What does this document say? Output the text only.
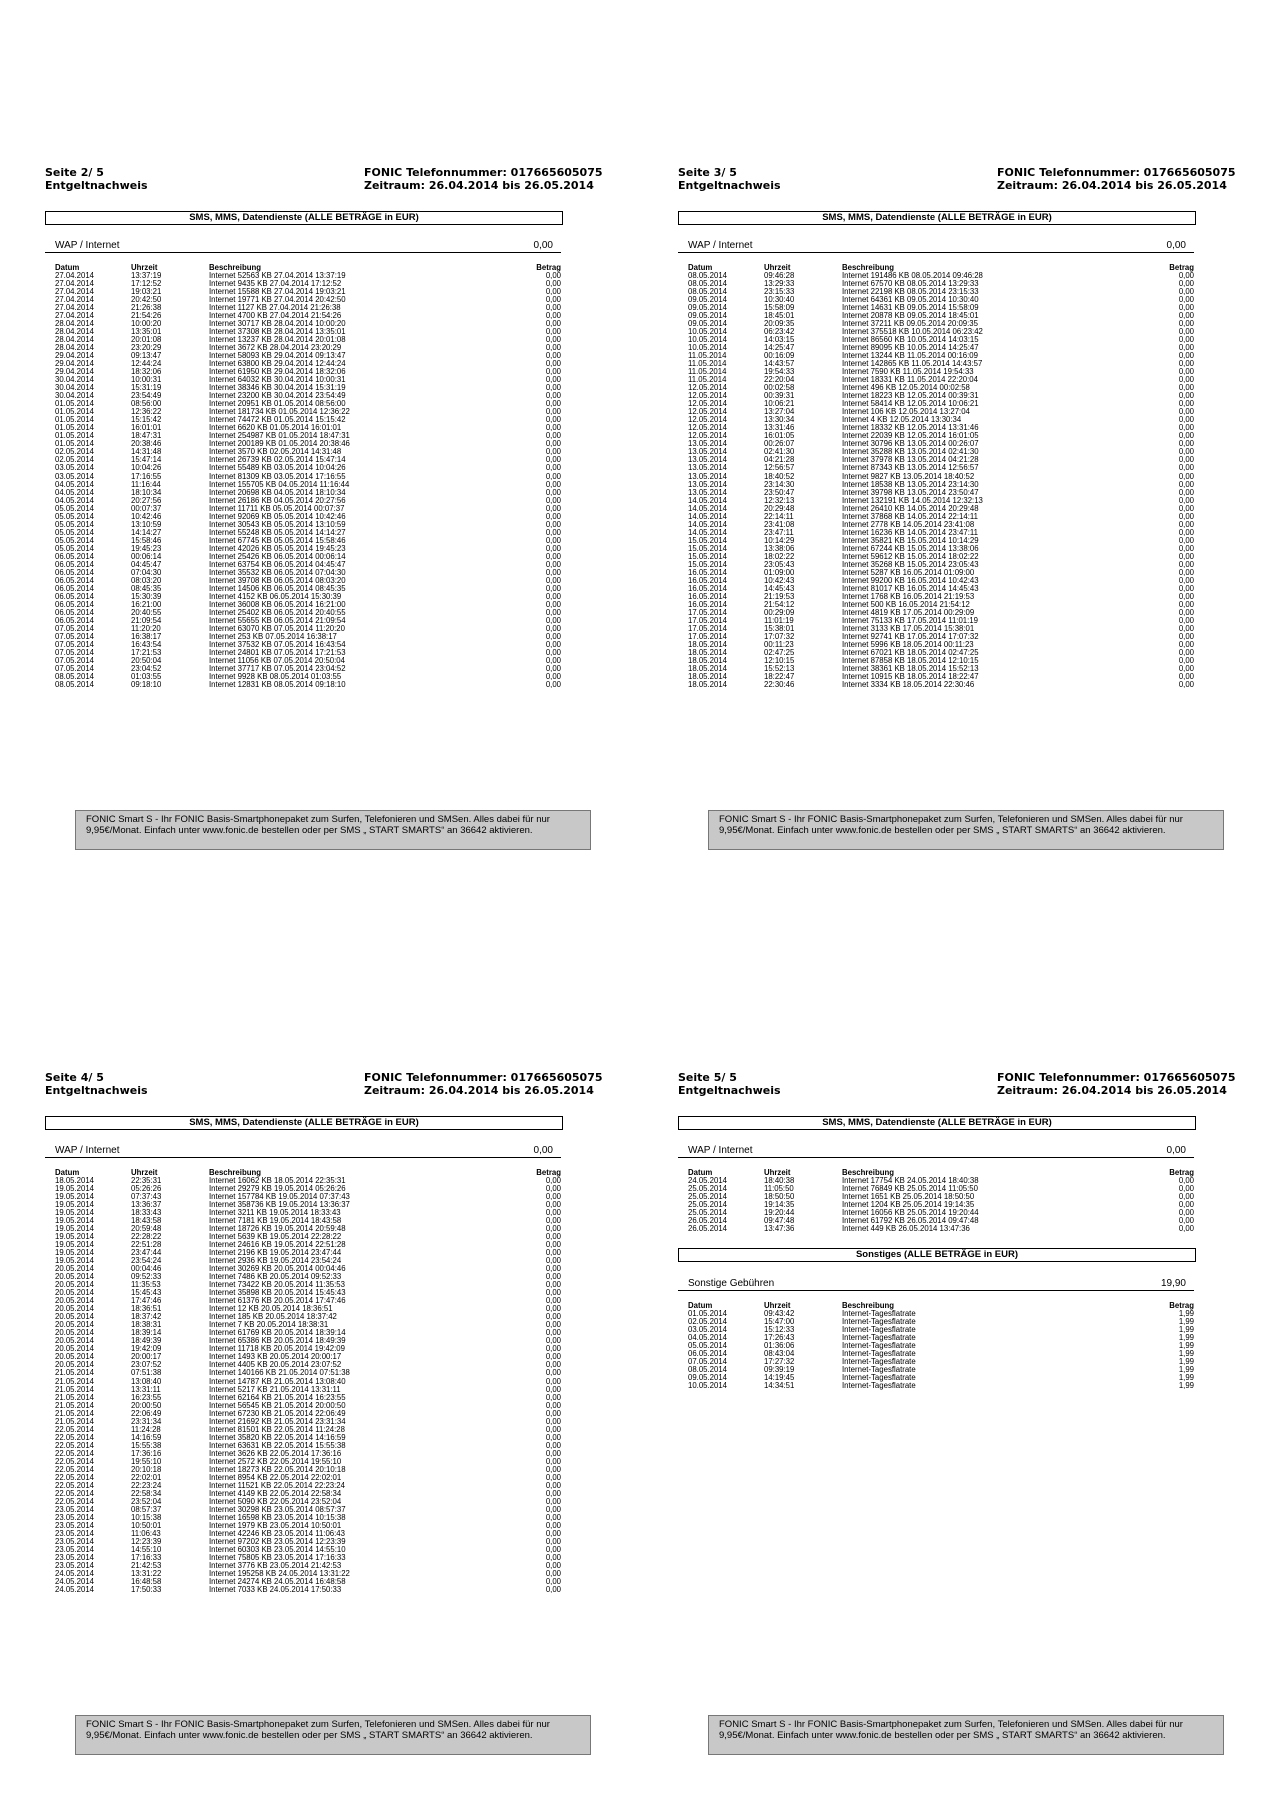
Seite 2/ 5
Entgeltnachweis
FONIC Telefonnummer: 017665605075
Zeitraum: 26.04.2014 bis 26.05.2014
SMS, MMS, Datendienste (ALLE BETRÄGE in EUR)
WAP / Internet	0,00
Datum	Uhrzeit	Beschreibung	Betrag
27.04.2014	13:37:19	Internet 52563 KB 27.04.2014 13:37:19	0,00
27.04.2014	17:12:52	Internet 9435 KB 27.04.2014 17:12:52	0,00
27.04.2014	19:03:21	Internet 15588 KB 27.04.2014 19:03:21	0,00
27.04.2014	20:42:50	Internet 19771 KB 27.04.2014 20:42:50	0,00
27.04.2014	21:26:38	Internet 1127 KB 27.04.2014 21:26:38	0,00
27.04.2014	21:54:26	Internet 4700 KB 27.04.2014 21:54:26	0,00
28.04.2014	10:00:20	Internet 30717 KB 28.04.2014 10:00:20	0,00
28.04.2014	13:35:01	Internet 37308 KB 28.04.2014 13:35:01	0,00
28.04.2014	20:01:08	Internet 13237 KB 28.04.2014 20:01:08	0,00
28.04.2014	23:20:29	Internet 3672 KB 28.04.2014 23:20:29	0,00
29.04.2014	09:13:47	Internet 58093 KB 29.04.2014 09:13:47	0,00
29.04.2014	12:44:24	Internet 63800 KB 29.04.2014 12:44:24	0,00
29.04.2014	18:32:06	Internet 61950 KB 29.04.2014 18:32:06	0,00
30.04.2014	10:00:31	Internet 64032 KB 30.04.2014 10:00:31	0,00
30.04.2014	15:31:19	Internet 38346 KB 30.04.2014 15:31:19	0,00
30.04.2014	23:54:49	Internet 23200 KB 30.04.2014 23:54:49	0,00
01.05.2014	08:56:00	Internet 20951 KB 01.05.2014 08:56:00	0,00
01.05.2014	12:36:22	Internet 181734 KB 01.05.2014 12:36:22	0,00
01.05.2014	15:15:42	Internet 74472 KB 01.05.2014 15:15:42	0,00
01.05.2014	16:01:01	Internet 6620 KB 01.05.2014 16:01:01	0,00
01.05.2014	18:47:31	Internet 254987 KB 01.05.2014 18:47:31	0,00
01.05.2014	20:38:46	Internet 200189 KB 01.05.2014 20:38:46	0,00
02.05.2014	14:31:48	Internet 3570 KB 02.05.2014 14:31:48	0,00
02.05.2014	15:47:14	Internet 26739 KB 02.05.2014 15:47:14	0,00
03.05.2014	10:04:26	Internet 55489 KB 03.05.2014 10:04:26	0,00
03.05.2014	17:16:55	Internet 81309 KB 03.05.2014 17:16:55	0,00
04.05.2014	11:16:44	Internet 155705 KB 04.05.2014 11:16:44	0,00
04.05.2014	18:10:34	Internet 20698 KB 04.05.2014 18:10:34	0,00
04.05.2014	20:27:56	Internet 26186 KB 04.05.2014 20:27:56	0,00
05.05.2014	00:07:37	Internet 11711 KB 05.05.2014 00:07:37	0,00
05.05.2014	10:42:46	Internet 92069 KB 05.05.2014 10:42:46	0,00
05.05.2014	13:10:59	Internet 30543 KB 05.05.2014 13:10:59	0,00
05.05.2014	14:14:27	Internet 55248 KB 05.05.2014 14:14:27	0,00
05.05.2014	15:58:46	Internet 67745 KB 05.05.2014 15:58:46	0,00
05.05.2014	19:45:23	Internet 42026 KB 05.05.2014 19:45:23	0,00
06.05.2014	00:06:14	Internet 25426 KB 06.05.2014 00:06:14	0,00
06.05.2014	04:45:47	Internet 63754 KB 06.05.2014 04:45:47	0,00
06.05.2014	07:04:30	Internet 35532 KB 06.05.2014 07:04:30	0,00
06.05.2014	08:03:20	Internet 39708 KB 06.05.2014 08:03:20	0,00
06.05.2014	08:45:35	Internet 14506 KB 06.05.2014 08:45:35	0,00
06.05.2014	15:30:39	Internet 4152 KB 06.05.2014 15:30:39	0,00
06.05.2014	16:21:00	Internet 36008 KB 06.05.2014 16:21:00	0,00
06.05.2014	20:40:55	Internet 25402 KB 06.05.2014 20:40:55	0,00
06.05.2014	21:09:54	Internet 55655 KB 06.05.2014 21:09:54	0,00
07.05.2014	11:20:20	Internet 63070 KB 07.05.2014 11:20:20	0,00
07.05.2014	16:38:17	Internet 253 KB 07.05.2014 16:38:17	0,00
07.05.2014	16:43:54	Internet 37532 KB 07.05.2014 16:43:54	0,00
07.05.2014	17:21:53	Internet 24801 KB 07.05.2014 17:21:53	0,00
07.05.2014	20:50:04	Internet 11056 KB 07.05.2014 20:50:04	0,00
07.05.2014	23:04:52	Internet 37717 KB 07.05.2014 23:04:52	0,00
08.05.2014	01:03:55	Internet 9928 KB 08.05.2014 01:03:55	0,00
08.05.2014	09:18:10	Internet 12831 KB 08.05.2014 09:18:10	0,00
FONIC Smart S - Ihr FONIC Basis-Smartphonepaket zum Surfen, Telefonieren und SMSen. Alles dabei für nur 9,95€/Monat. Einfach unter www.fonic.de bestellen oder per SMS „ START SMARTS“ an 36642 aktivieren.
Seite 3/ 5
Entgeltnachweis
FONIC Telefonnummer: 017665605075
Zeitraum: 26.04.2014 bis 26.05.2014
SMS, MMS, Datendienste (ALLE BETRÄGE in EUR)
WAP / Internet	0,00
Datum	Uhrzeit	Beschreibung	Betrag
08.05.2014	09:46:28	Internet 191486 KB 08.05.2014 09:46:28	0,00
08.05.2014	13:29:33	Internet 67570 KB 08.05.2014 13:29:33	0,00
08.05.2014	23:15:33	Internet 22198 KB 08.05.2014 23:15:33	0,00
09.05.2014	10:30:40	Internet 64361 KB 09.05.2014 10:30:40	0,00
09.05.2014	15:58:09	Internet 14631 KB 09.05.2014 15:58:09	0,00
09.05.2014	18:45:01	Internet 20878 KB 09.05.2014 18:45:01	0,00
09.05.2014	20:09:35	Internet 37211 KB 09.05.2014 20:09:35	0,00
10.05.2014	06:23:42	Internet 375518 KB 10.05.2014 06:23:42	0,00
10.05.2014	14:03:15	Internet 86560 KB 10.05.2014 14:03:15	0,00
10.05.2014	14:25:47	Internet 89095 KB 10.05.2014 14:25:47	0,00
11.05.2014	00:16:09	Internet 13244 KB 11.05.2014 00:16:09	0,00
11.05.2014	14:43:57	Internet 142865 KB 11.05.2014 14:43:57	0,00
11.05.2014	19:54:33	Internet 7590 KB 11.05.2014 19:54:33	0,00
11.05.2014	22:20:04	Internet 18331 KB 11.05.2014 22:20:04	0,00
12.05.2014	00:02:58	Internet 496 KB 12.05.2014 00:02:58	0,00
12.05.2014	00:39:31	Internet 18223 KB 12.05.2014 00:39:31	0,00
12.05.2014	10:06:21	Internet 58414 KB 12.05.2014 10:06:21	0,00
12.05.2014	13:27:04	Internet 106 KB 12.05.2014 13:27:04	0,00
12.05.2014	13:30:34	Internet 4 KB 12.05.2014 13:30:34	0,00
12.05.2014	13:31:46	Internet 18332 KB 12.05.2014 13:31:46	0,00
12.05.2014	16:01:05	Internet 22039 KB 12.05.2014 16:01:05	0,00
13.05.2014	00:26:07	Internet 30796 KB 13.05.2014 00:26:07	0,00
13.05.2014	02:41:30	Internet 35288 KB 13.05.2014 02:41:30	0,00
13.05.2014	04:21:28	Internet 37978 KB 13.05.2014 04:21:28	0,00
13.05.2014	12:56:57	Internet 87343 KB 13.05.2014 12:56:57	0,00
13.05.2014	18:40:52	Internet 9827 KB 13.05.2014 18:40:52	0,00
13.05.2014	23:14:30	Internet 18538 KB 13.05.2014 23:14:30	0,00
13.05.2014	23:50:47	Internet 39798 KB 13.05.2014 23:50:47	0,00
14.05.2014	12:32:13	Internet 132191 KB 14.05.2014 12:32:13	0,00
14.05.2014	20:29:48	Internet 26410 KB 14.05.2014 20:29:48	0,00
14.05.2014	22:14:11	Internet 37868 KB 14.05.2014 22:14:11	0,00
14.05.2014	23:41:08	Internet 2778 KB 14.05.2014 23:41:08	0,00
14.05.2014	23:47:11	Internet 16236 KB 14.05.2014 23:47:11	0,00
15.05.2014	10:14:29	Internet 35821 KB 15.05.2014 10:14:29	0,00
15.05.2014	13:38:06	Internet 67244 KB 15.05.2014 13:38:06	0,00
15.05.2014	18:02:22	Internet 59612 KB 15.05.2014 18:02:22	0,00
15.05.2014	23:05:43	Internet 35268 KB 15.05.2014 23:05:43	0,00
16.05.2014	01:09:00	Internet 5287 KB 16.05.2014 01:09:00	0,00
16.05.2014	10:42:43	Internet 99200 KB 16.05.2014 10:42:43	0,00
16.05.2014	14:45:43	Internet 81017 KB 16.05.2014 14:45:43	0,00
16.05.2014	21:19:53	Internet 1768 KB 16.05.2014 21:19:53	0,00
16.05.2014	21:54:12	Internet 500 KB 16.05.2014 21:54:12	0,00
17.05.2014	00:29:09	Internet 4819 KB 17.05.2014 00:29:09	0,00
17.05.2014	11:01:19	Internet 75133 KB 17.05.2014 11:01:19	0,00
17.05.2014	15:38:01	Internet 3133 KB 17.05.2014 15:38:01	0,00
17.05.2014	17:07:32	Internet 92741 KB 17.05.2014 17:07:32	0,00
18.05.2014	00:11:23	Internet 5996 KB 18.05.2014 00:11:23	0,00
18.05.2014	02:47:25	Internet 67021 KB 18.05.2014 02:47:25	0,00
18.05.2014	12:10:15	Internet 87858 KB 18.05.2014 12:10:15	0,00
18.05.2014	15:52:13	Internet 38361 KB 18.05.2014 15:52:13	0,00
18.05.2014	18:22:47	Internet 10915 KB 18.05.2014 18:22:47	0,00
18.05.2014	22:30:46	Internet 3334 KB 18.05.2014 22:30:46	0,00
FONIC Smart S - Ihr FONIC Basis-Smartphonepaket zum Surfen, Telefonieren und SMSen. Alles dabei für nur 9,95€/Monat. Einfach unter www.fonic.de bestellen oder per SMS „ START SMARTS“ an 36642 aktivieren.
Seite 4/ 5
Entgeltnachweis
FONIC Telefonnummer: 017665605075
Zeitraum: 26.04.2014 bis 26.05.2014
SMS, MMS, Datendienste (ALLE BETRÄGE in EUR)
WAP / Internet	0,00
Datum	Uhrzeit	Beschreibung	Betrag
18.05.2014	22:35:31	Internet 16062 KB 18.05.2014 22:35:31	0,00
19.05.2014	05:26:26	Internet 29279 KB 19.05.2014 05:26:26	0,00
19.05.2014	07:37:43	Internet 157784 KB 19.05.2014 07:37:43	0,00
19.05.2014	13:36:37	Internet 358736 KB 19.05.2014 13:36:37	0,00
19.05.2014	18:33:43	Internet 3211 KB 19.05.2014 18:33:43	0,00
19.05.2014	18:43:58	Internet 7181 KB 19.05.2014 18:43:58	0,00
19.05.2014	20:59:48	Internet 18726 KB 19.05.2014 20:59:48	0,00
19.05.2014	22:28:22	Internet 5639 KB 19.05.2014 22:28:22	0,00
19.05.2014	22:51:28	Internet 24616 KB 19.05.2014 22:51:28	0,00
19.05.2014	23:47:44	Internet 2196 KB 19.05.2014 23:47:44	0,00
19.05.2014	23:54:24	Internet 2936 KB 19.05.2014 23:54:24	0,00
20.05.2014	00:04:46	Internet 30269 KB 20.05.2014 00:04:46	0,00
20.05.2014	09:52:33	Internet 7486 KB 20.05.2014 09:52:33	0,00
20.05.2014	11:35:53	Internet 73422 KB 20.05.2014 11:35:53	0,00
20.05.2014	15:45:43	Internet 35898 KB 20.05.2014 15:45:43	0,00
20.05.2014	17:47:46	Internet 61376 KB 20.05.2014 17:47:46	0,00
20.05.2014	18:36:51	Internet 12 KB 20.05.2014 18:36:51	0,00
20.05.2014	18:37:42	Internet 185 KB 20.05.2014 18:37:42	0,00
20.05.2014	18:38:31	Internet 7 KB 20.05.2014 18:38:31	0,00
20.05.2014	18:39:14	Internet 61769 KB 20.05.2014 18:39:14	0,00
20.05.2014	18:49:39	Internet 65386 KB 20.05.2014 18:49:39	0,00
20.05.2014	19:42:09	Internet 11718 KB 20.05.2014 19:42:09	0,00
20.05.2014	20:00:17	Internet 1493 KB 20.05.2014 20:00:17	0,00
20.05.2014	23:07:52	Internet 4405 KB 20.05.2014 23:07:52	0,00
21.05.2014	07:51:38	Internet 140166 KB 21.05.2014 07:51:38	0,00
21.05.2014	13:08:40	Internet 14787 KB 21.05.2014 13:08:40	0,00
21.05.2014	13:31:11	Internet 5217 KB 21.05.2014 13:31:11	0,00
21.05.2014	16:23:55	Internet 62164 KB 21.05.2014 16:23:55	0,00
21.05.2014	20:00:50	Internet 56545 KB 21.05.2014 20:00:50	0,00
21.05.2014	22:06:49	Internet 67230 KB 21.05.2014 22:06:49	0,00
21.05.2014	23:31:34	Internet 21692 KB 21.05.2014 23:31:34	0,00
22.05.2014	11:24:28	Internet 81501 KB 22.05.2014 11:24:28	0,00
22.05.2014	14:16:59	Internet 35820 KB 22.05.2014 14:16:59	0,00
22.05.2014	15:55:38	Internet 63631 KB 22.05.2014 15:55:38	0,00
22.05.2014	17:36:16	Internet 3626 KB 22.05.2014 17:36:16	0,00
22.05.2014	19:55:10	Internet 2572 KB 22.05.2014 19:55:10	0,00
22.05.2014	20:10:18	Internet 18273 KB 22.05.2014 20:10:18	0,00
22.05.2014	22:02:01	Internet 8954 KB 22.05.2014 22:02:01	0,00
22.05.2014	22:23:24	Internet 11521 KB 22.05.2014 22:23:24	0,00
22.05.2014	22:58:34	Internet 4149 KB 22.05.2014 22:58:34	0,00
22.05.2014	23:52:04	Internet 5090 KB 22.05.2014 23:52:04	0,00
23.05.2014	08:57:37	Internet 30298 KB 23.05.2014 08:57:37	0,00
23.05.2014	10:15:38	Internet 16598 KB 23.05.2014 10:15:38	0,00
23.05.2014	10:50:01	Internet 1979 KB 23.05.2014 10:50:01	0,00
23.05.2014	11:06:43	Internet 42246 KB 23.05.2014 11:06:43	0,00
23.05.2014	12:23:39	Internet 97202 KB 23.05.2014 12:23:39	0,00
23.05.2014	14:55:10	Internet 60303 KB 23.05.2014 14:55:10	0,00
23.05.2014	17:16:33	Internet 75805 KB 23.05.2014 17:16:33	0,00
23.05.2014	21:42:53	Internet 3776 KB 23.05.2014 21:42:53	0,00
24.05.2014	13:31:22	Internet 195258 KB 24.05.2014 13:31:22	0,00
24.05.2014	16:48:58	Internet 24274 KB 24.05.2014 16:48:58	0,00
24.05.2014	17:50:33	Internet 7033 KB 24.05.2014 17:50:33	0,00
FONIC Smart S - Ihr FONIC Basis-Smartphonepaket zum Surfen, Telefonieren und SMSen. Alles dabei für nur 9,95€/Monat. Einfach unter www.fonic.de bestellen oder per SMS „ START SMARTS“ an 36642 aktivieren.
Seite 5/ 5
Entgeltnachweis
FONIC Telefonnummer: 017665605075
Zeitraum: 26.04.2014 bis 26.05.2014
SMS, MMS, Datendienste (ALLE BETRÄGE in EUR)
WAP / Internet	0,00
Datum	Uhrzeit	Beschreibung	Betrag
24.05.2014	18:40:38	Internet 17754 KB 24.05.2014 18:40:38	0,00
25.05.2014	11:05:50	Internet 76849 KB 25.05.2014 11:05:50	0,00
25.05.2014	18:50:50	Internet 1651 KB 25.05.2014 18:50:50	0,00
25.05.2014	19:14:35	Internet 1204 KB 25.05.2014 19:14:35	0,00
25.05.2014	19:20:44	Internet 16056 KB 25.05.2014 19:20:44	0,00
26.05.2014	09:47:48	Internet 61792 KB 26.05.2014 09:47:48	0,00
26.05.2014	13:47:36	Internet 449 KB 26.05.2014 13:47:36	0,00
Sonstiges (ALLE BETRÄGE in EUR)
Sonstige Gebühren	19,90
Datum	Uhrzeit	Beschreibung	Betrag
01.05.2014	09:43:42	Internet-Tagesflatrate	1,99
02.05.2014	15:47:00	Internet-Tagesflatrate	1,99
03.05.2014	15:12:33	Internet-Tagesflatrate	1,99
04.05.2014	17:26:43	Internet-Tagesflatrate	1,99
05.05.2014	01:36:06	Internet-Tagesflatrate	1,99
06.05.2014	08:43:04	Internet-Tagesflatrate	1,99
07.05.2014	17:27:32	Internet-Tagesflatrate	1,99
08.05.2014	09:39:19	Internet-Tagesflatrate	1,99
09.05.2014	14:19:45	Internet-Tagesflatrate	1,99
10.05.2014	14:34:51	Internet-Tagesflatrate	1,99
FONIC Smart S - Ihr FONIC Basis-Smartphonepaket zum Surfen, Telefonieren und SMSen. Alles dabei für nur 9,95€/Monat. Einfach unter www.fonic.de bestellen oder per SMS „ START SMARTS“ an 36642 aktivieren.
